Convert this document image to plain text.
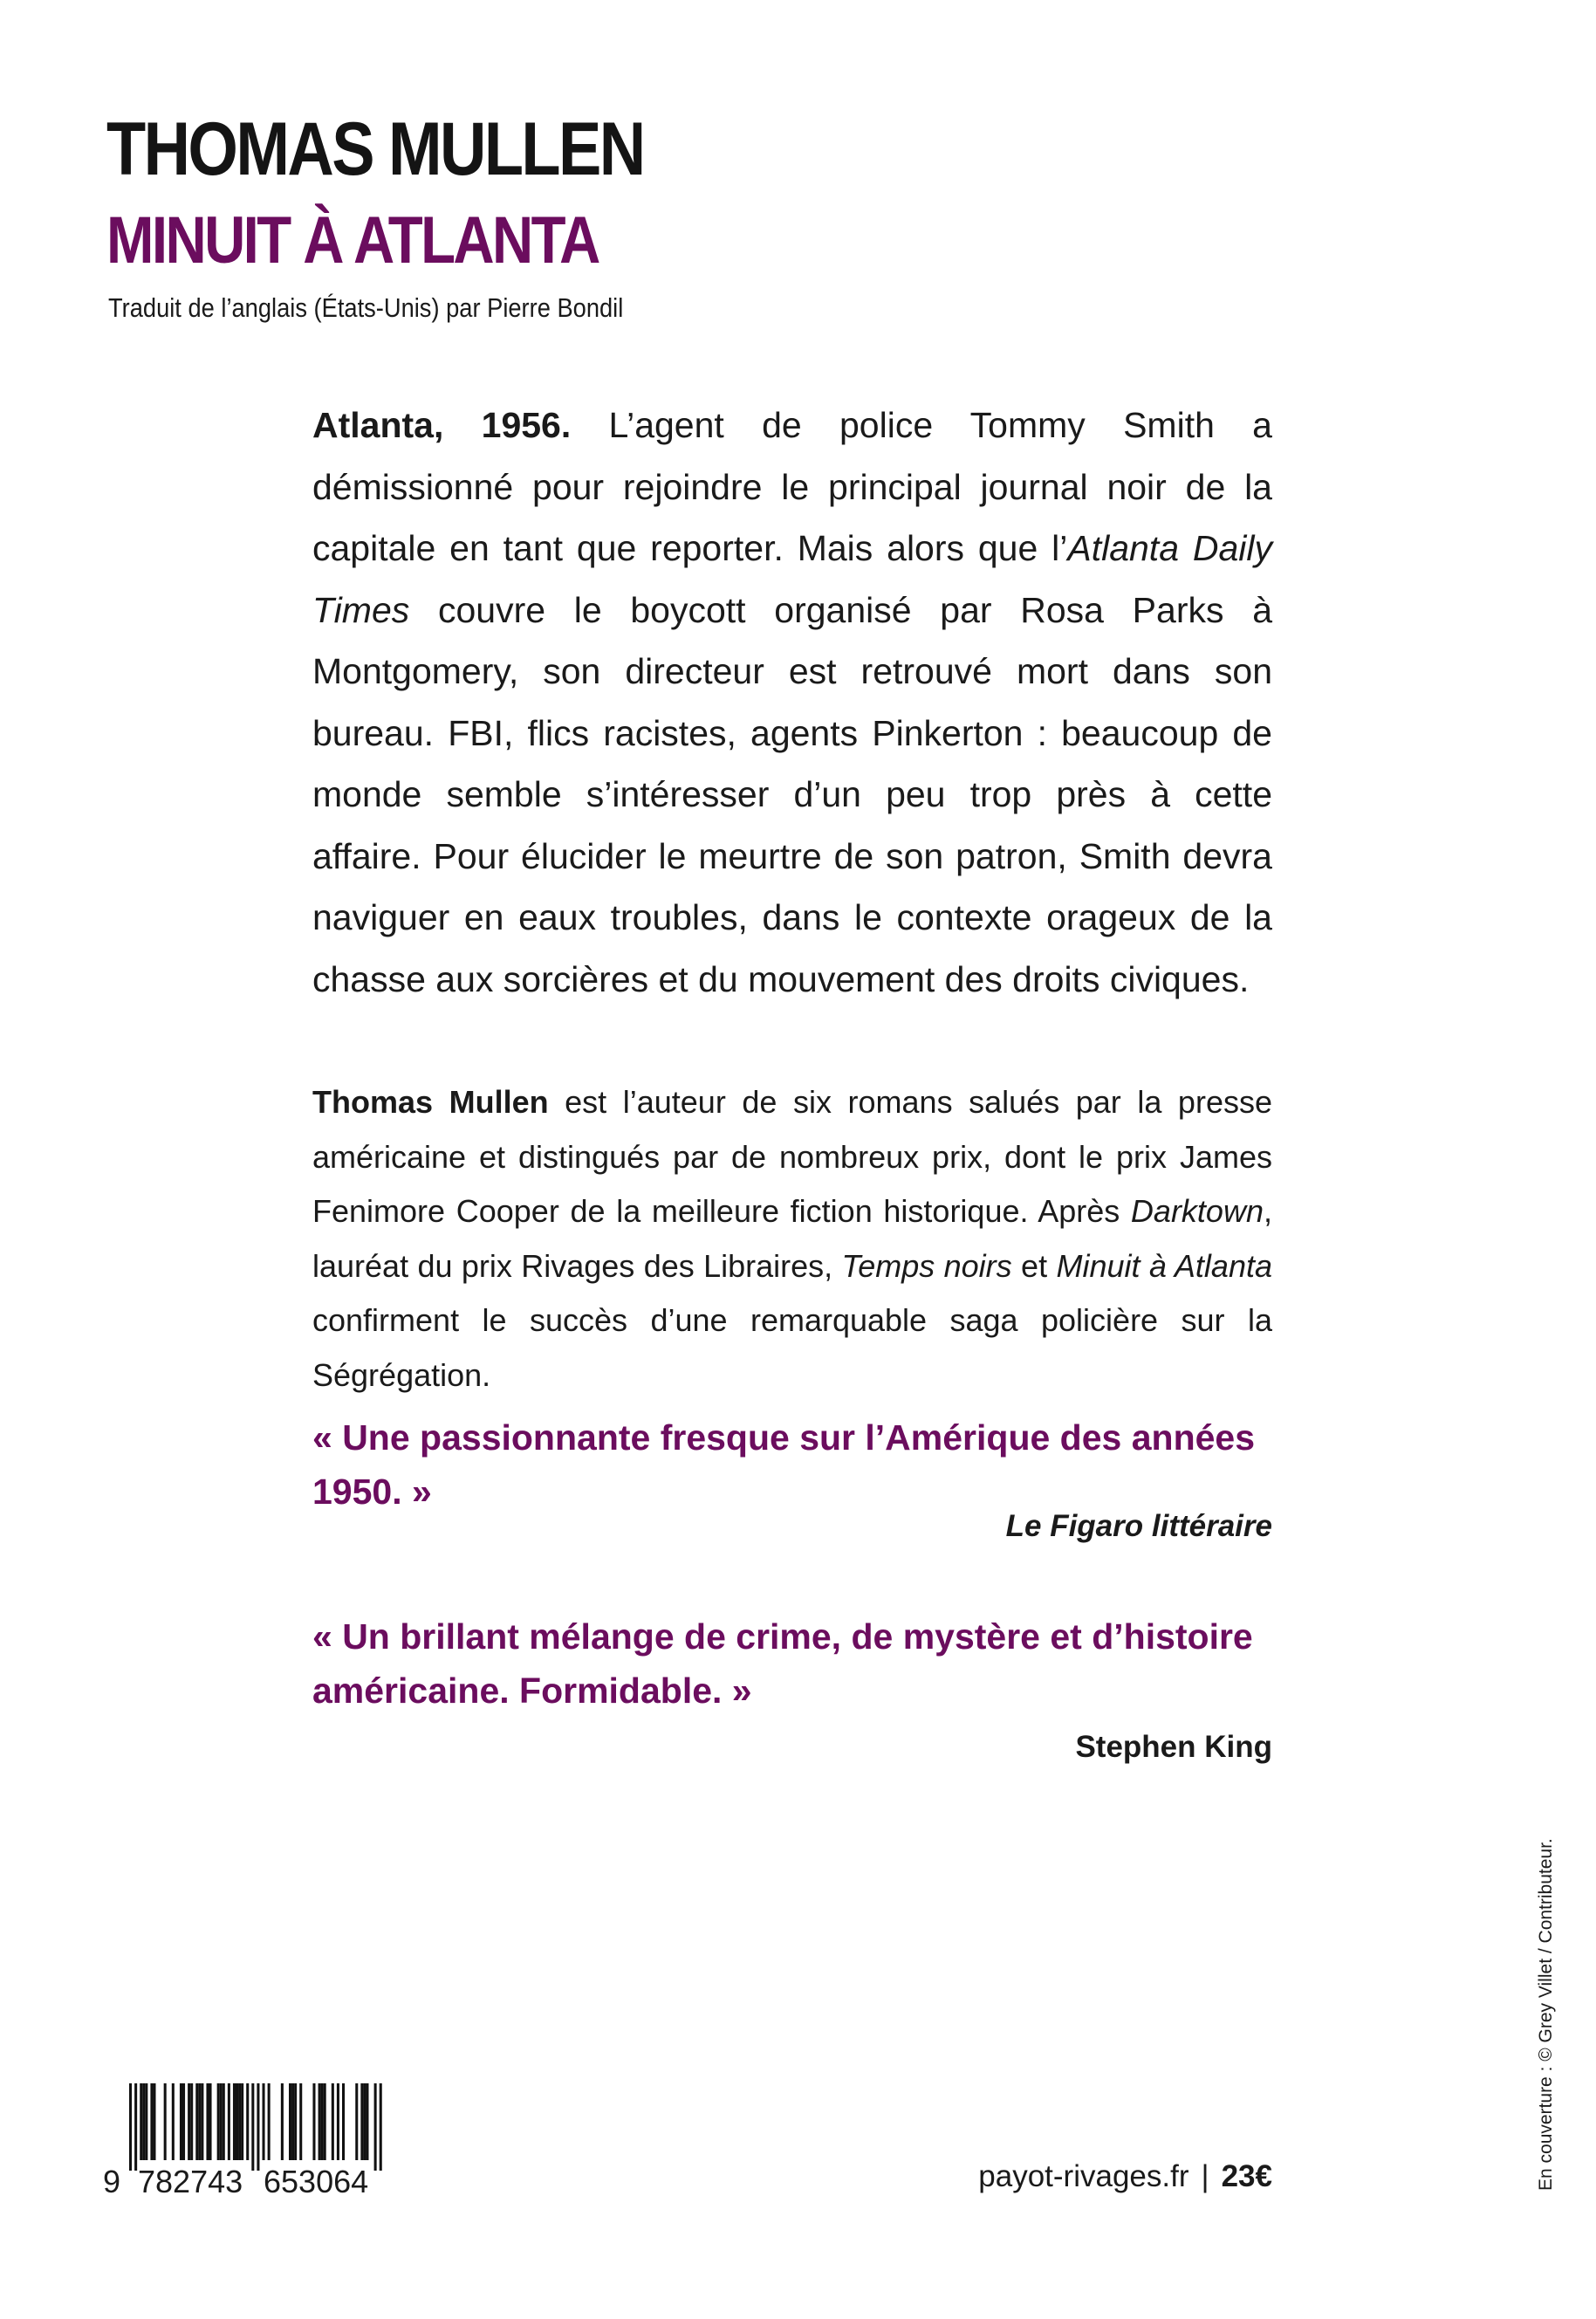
THOMAS MULLEN
MINUIT À ATLANTA

Traduit de l’anglais (États-Unis) par Pierre Bondil

Atlanta, 1956. L’agent de police Tommy Smith a démissionné pour rejoindre le principal journal noir de la capitale en tant que reporter. Mais alors que l’Atlanta Daily Times couvre le boycott organisé par Rosa Parks à Montgomery, son directeur est retrouvé mort dans son bureau. FBI, flics racistes, agents Pinkerton : beaucoup de monde semble s’intéresser d’un peu trop près à cette affaire. Pour élucider le meurtre de son patron, Smith devra naviguer en eaux troubles, dans le contexte orageux de la chasse aux sorcières et du mouvement des droits civiques.

Thomas Mullen est l’auteur de six romans salués par la presse américaine et distingués par de nombreux prix, dont le prix James Fenimore Cooper de la meilleure fiction historique. Après Darktown, lauréat du prix Rivages des Libraires, Temps noirs et Minuit à Atlanta confirment le succès d’une remarquable saga policière sur la Ségrégation.

« Une passionnante fresque sur l’Amérique des années 1950. »

Le Figaro littéraire

« Un brillant mélange de crime, de mystère et d’histoire américaine. Formidable. »

Stephen King

9 782743 653064	payot-rivages.fr | 23€	En couverture : © Grey Villet / Contributeur.
